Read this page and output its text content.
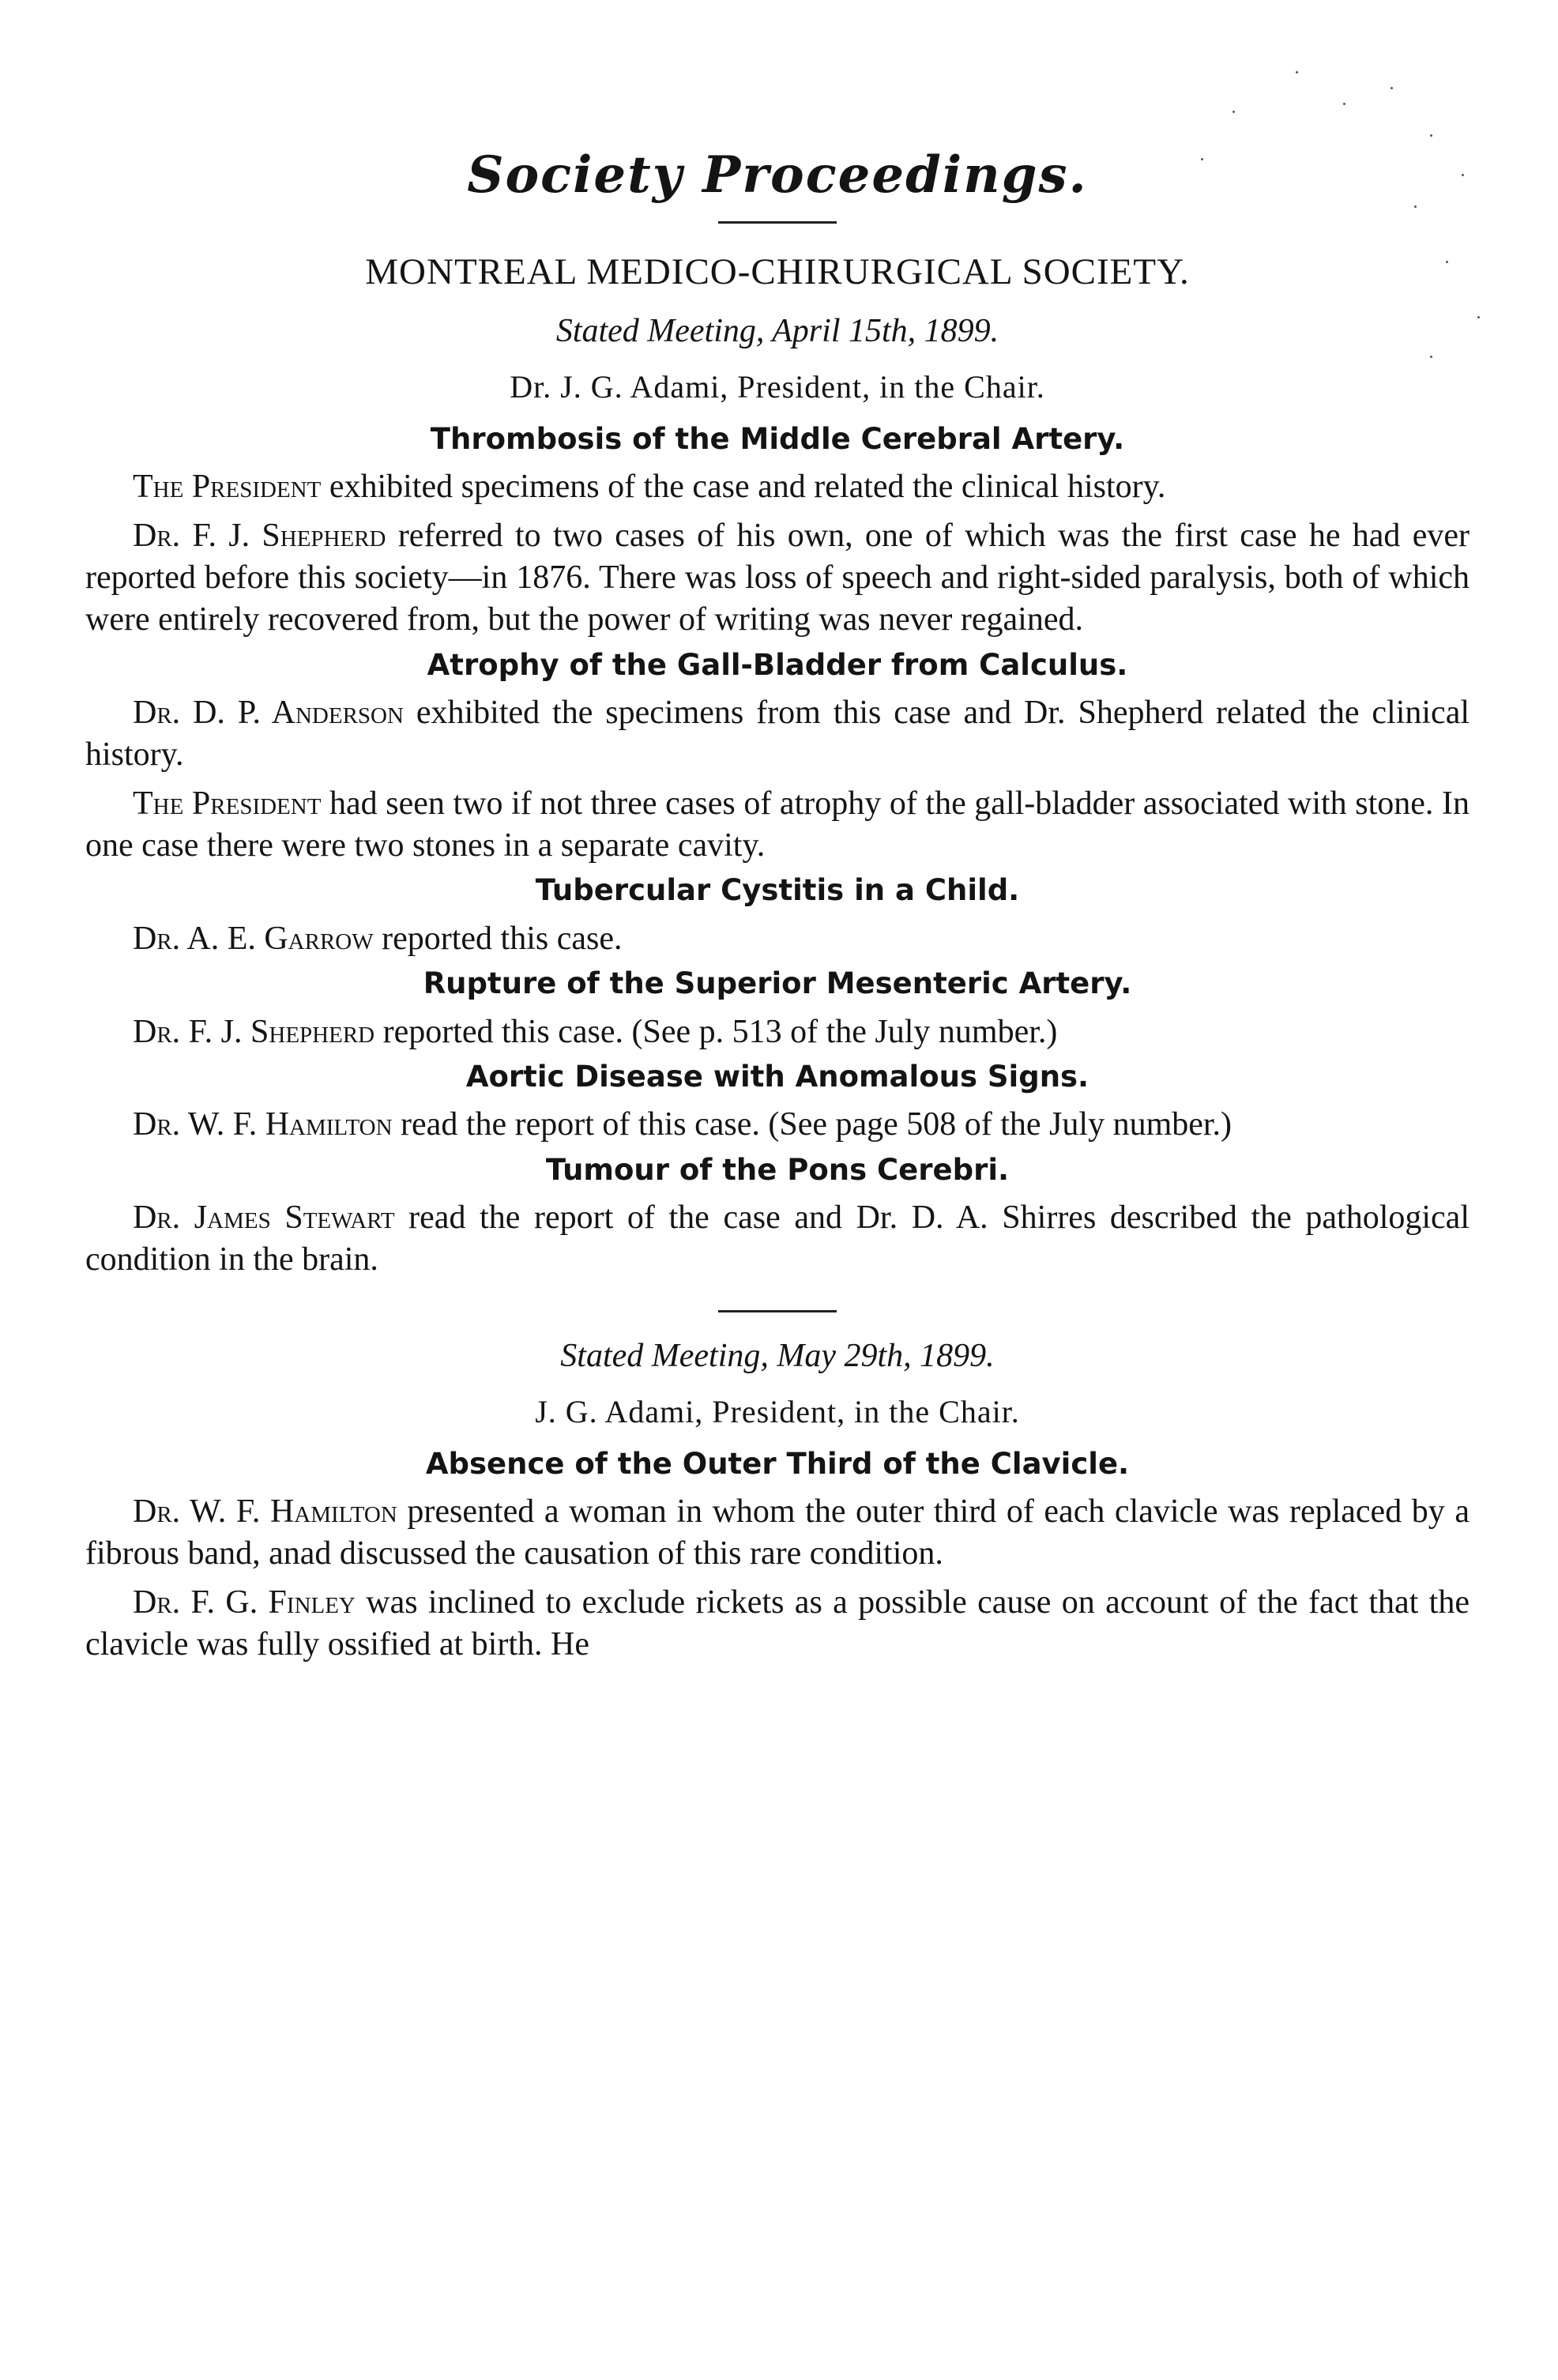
Society Proceedings.
MONTREAL MEDICO-CHIRURGICAL SOCIETY.
Stated Meeting, April 15th, 1899.
Dr. J. G. Adami, President, in the Chair.
Thrombosis of the Middle Cerebral Artery.

The President exhibited specimens of the case and related the clinical history.

Dr. F. J. Shepherd referred to two cases of his own, one of which was the first case he had ever reported before this society—in 1876. There was loss of speech and right-sided paralysis, both of which were entirely recovered from, but the power of writing was never regained.

Atrophy of the Gall-Bladder from Calculus.

Dr. D. P. Anderson exhibited the specimens from this case and Dr. Shepherd related the clinical history.

The President had seen two if not three cases of atrophy of the gall-bladder associated with stone. In one case there were two stones in a separate cavity.

Tubercular Cystitis in a Child.

Dr. A. E. Garrow reported this case.

Rupture of the Superior Mesenteric Artery.

Dr. F. J. Shepherd reported this case. (See p. 513 of the July number.)

Aortic Disease with Anomalous Signs.

Dr. W. F. Hamilton read the report of this case. (See page 508 of the July number.)

Tumour of the Pons Cerebri.

Dr. James Stewart read the report of the case and Dr. D. A. Shirres described the pathological condition in the brain.

Stated Meeting, May 29th, 1899.
J. G. Adami, President, in the Chair.
Absence of the Outer Third of the Clavicle.

Dr. W. F. Hamilton presented a woman in whom the outer third of each clavicle was replaced by a fibrous band, anad discussed the causation of this rare condition.

Dr. F. G. Finley was inclined to exclude rickets as a possible cause on account of the fact that the clavicle was fully ossified at birth. He
